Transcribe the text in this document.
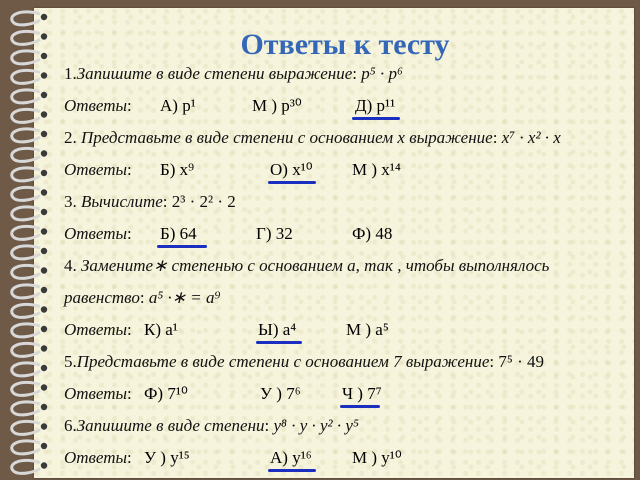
Ответы к тесту
1.Запишите в виде степени выражение: p⁵ · p⁶
Ответы: А) p¹	М ) p³⁰	Д) p¹¹
2. Представьте в виде степени с основанием x выражение: x⁷ · x² · x
Ответы: Б) x⁹	О) x¹⁰ М ) x¹⁴
3. Вычислите: 2³ · 2² · 2
Ответы: Б) 64	Г) 32	Ф) 48
4. Замените∗ степенью с основанием a, так , чтобы выполнялось
равенство: a⁵ ·∗ = a⁹
Ответы: К) a¹	Ы) a⁴	М ) a⁵
5.Представьте в виде степени с основанием 7 выражение: 7⁵ · 49
Ответы: Ф) 7¹⁰	У ) 7⁶ Ч ) 7⁷
6.Запишите в виде степени: y⁸ · y · y² · y⁵
Ответы: У ) y¹⁵	А) y¹⁶ М ) y¹⁰
